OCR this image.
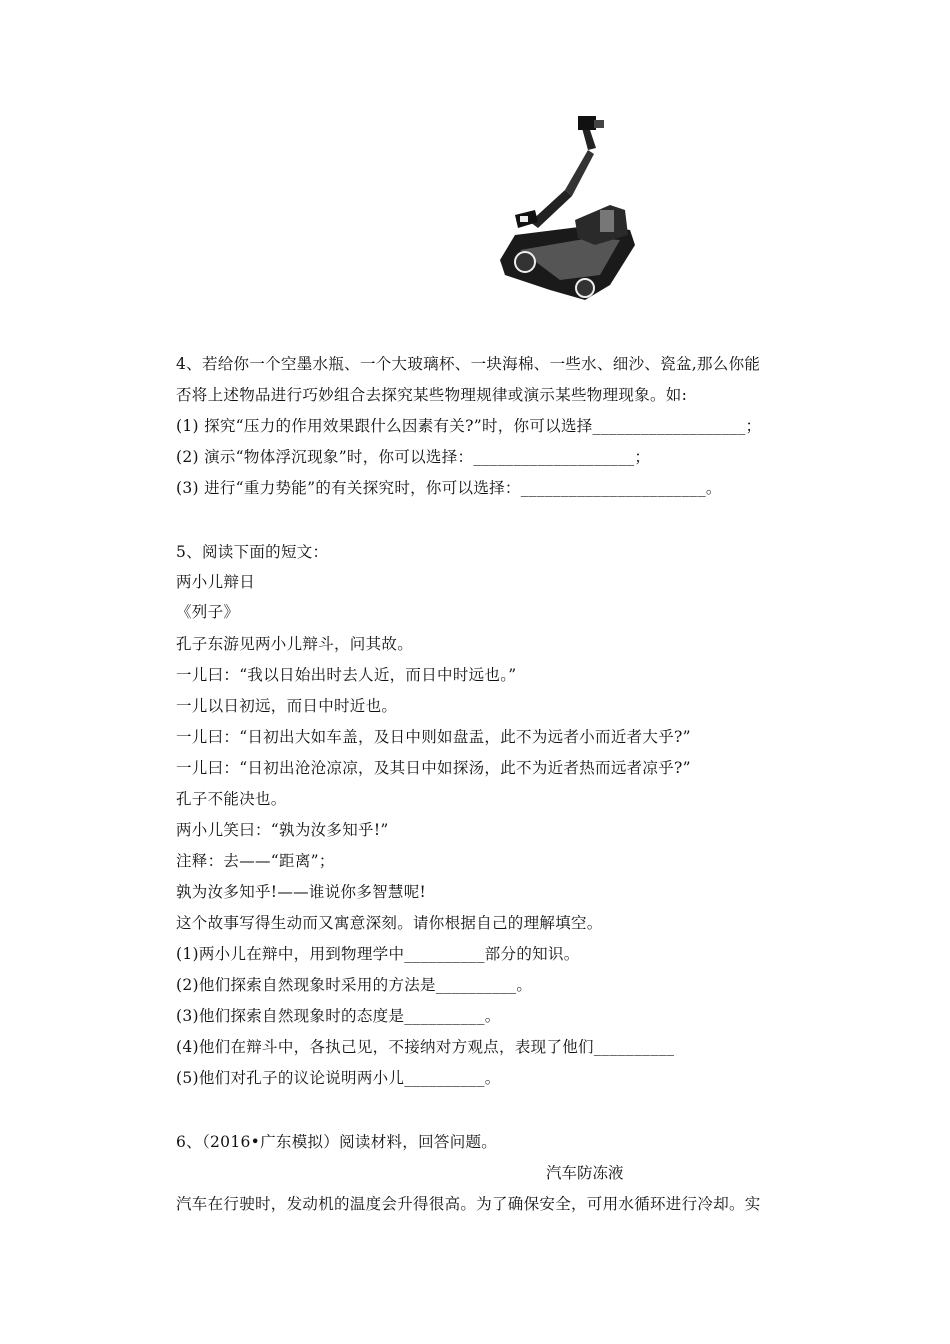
4、若给你一个空墨水瓶、一个大玻璃杯、一块海棉、一些水、细沙、瓷盆,那么你能
否将上述物品进行巧妙组合去探究某些物理规律或演示某些物理现象。如:
(1) 探究“压力的作用效果跟什么因素有关?”时，你可以选择___________________；
(2) 演示“物体浮沉现象”时，你可以选择：____________________；
(3) 进行“重力势能”的有关探究时，你可以选择：_______________________。
5、阅读下面的短文：
两小儿辩日
《列子》
孔子东游见两小儿辩斗，问其故。
一儿曰：“我以日始出时去人近，而日中时远也。”
一儿以日初远，而日中时近也。
一儿曰：“日初出大如车盖，及日中则如盘盂，此不为远者小而近者大乎?”
一儿曰：“日初出沧沧凉凉，及其日中如探汤，此不为近者热而远者凉乎?”
孔子不能决也。
两小儿笑曰：“孰为汝多知乎!”
注释：去——“距离”；
孰为汝多知乎!——谁说你多智慧呢!
这个故事写得生动而又寓意深刻。请你根据自己的理解填空。
(1)两小儿在辩中，用到物理学中__________部分的知识。
(2)他们探索自然现象时采用的方法是__________。
(3)他们探索自然现象时的态度是__________。
(4)他们在辩斗中，各执己见，不接纳对方观点，表现了他们__________
(5)他们对孔子的议论说明两小儿__________。
6、（2016•广东模拟）阅读材料，回答问题。
汽车防冻液
汽车在行驶时，发动机的温度会升得很高。为了确保安全，可用水循环进行冷却。实
